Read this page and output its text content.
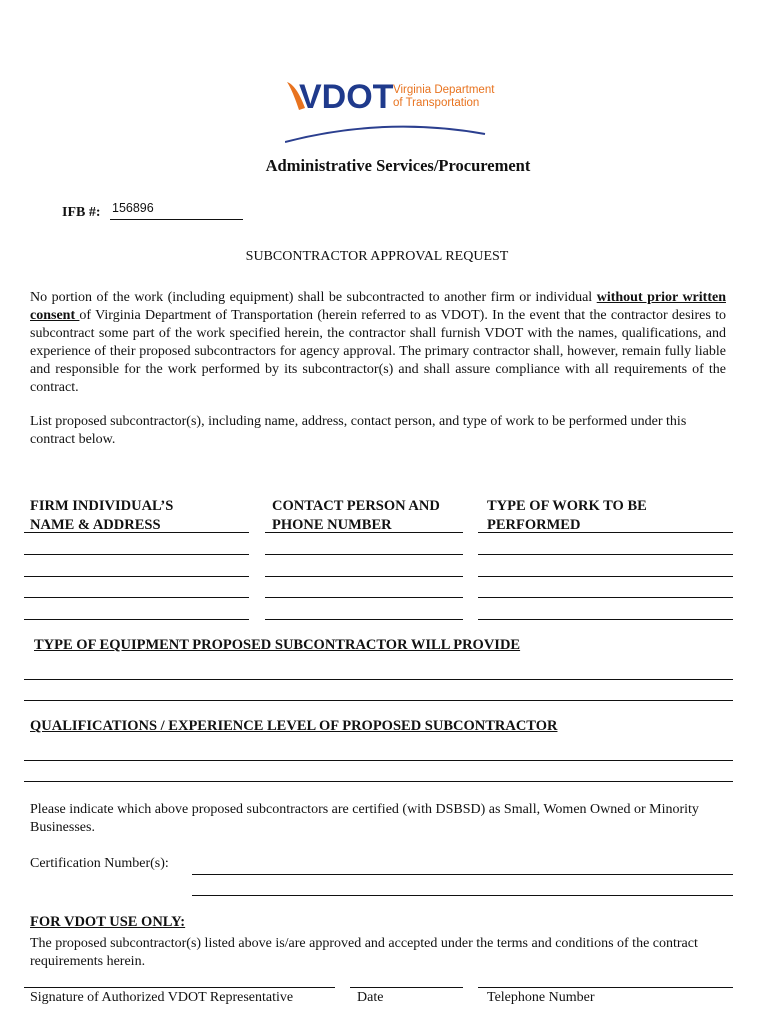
VDOT Virginia Department
of Transportation
Administrative Services/Procurement
IFB #: 156896
SUBCONTRACTOR APPROVAL REQUEST
No portion of the work (including equipment) shall be subcontracted to another firm or individual without prior written consent of Virginia Department of Transportation (herein referred to as VDOT). In the event that the contractor desires to subcontract some part of the work specified herein, the contractor shall furnish VDOT with the names, qualifications, and experience of their proposed subcontractors for agency approval. The primary contractor shall, however, remain fully liable and responsible for the work performed by its subcontractor(s) and shall assure compliance with all requirements of the contract.
List proposed subcontractor(s), including name, address, contact person, and type of work to be performed under this contract below.
FIRM INDIVIDUAL’S
NAME & ADDRESS
CONTACT PERSON AND
PHONE NUMBER
TYPE OF WORK TO BE
PERFORMED
TYPE OF EQUIPMENT PROPOSED SUBCONTRACTOR WILL PROVIDE
QUALIFICATIONS / EXPERIENCE LEVEL OF PROPOSED SUBCONTRACTOR
Please indicate which above proposed subcontractors are certified (with DSBSD) as Small, Women Owned or Minority Businesses.
Certification Number(s):
FOR VDOT USE ONLY:
The proposed subcontractor(s) listed above is/are approved and accepted under the terms and conditions of the contract requirements herein.
Signature of Authorized VDOT Representative	Date	Telephone Number
